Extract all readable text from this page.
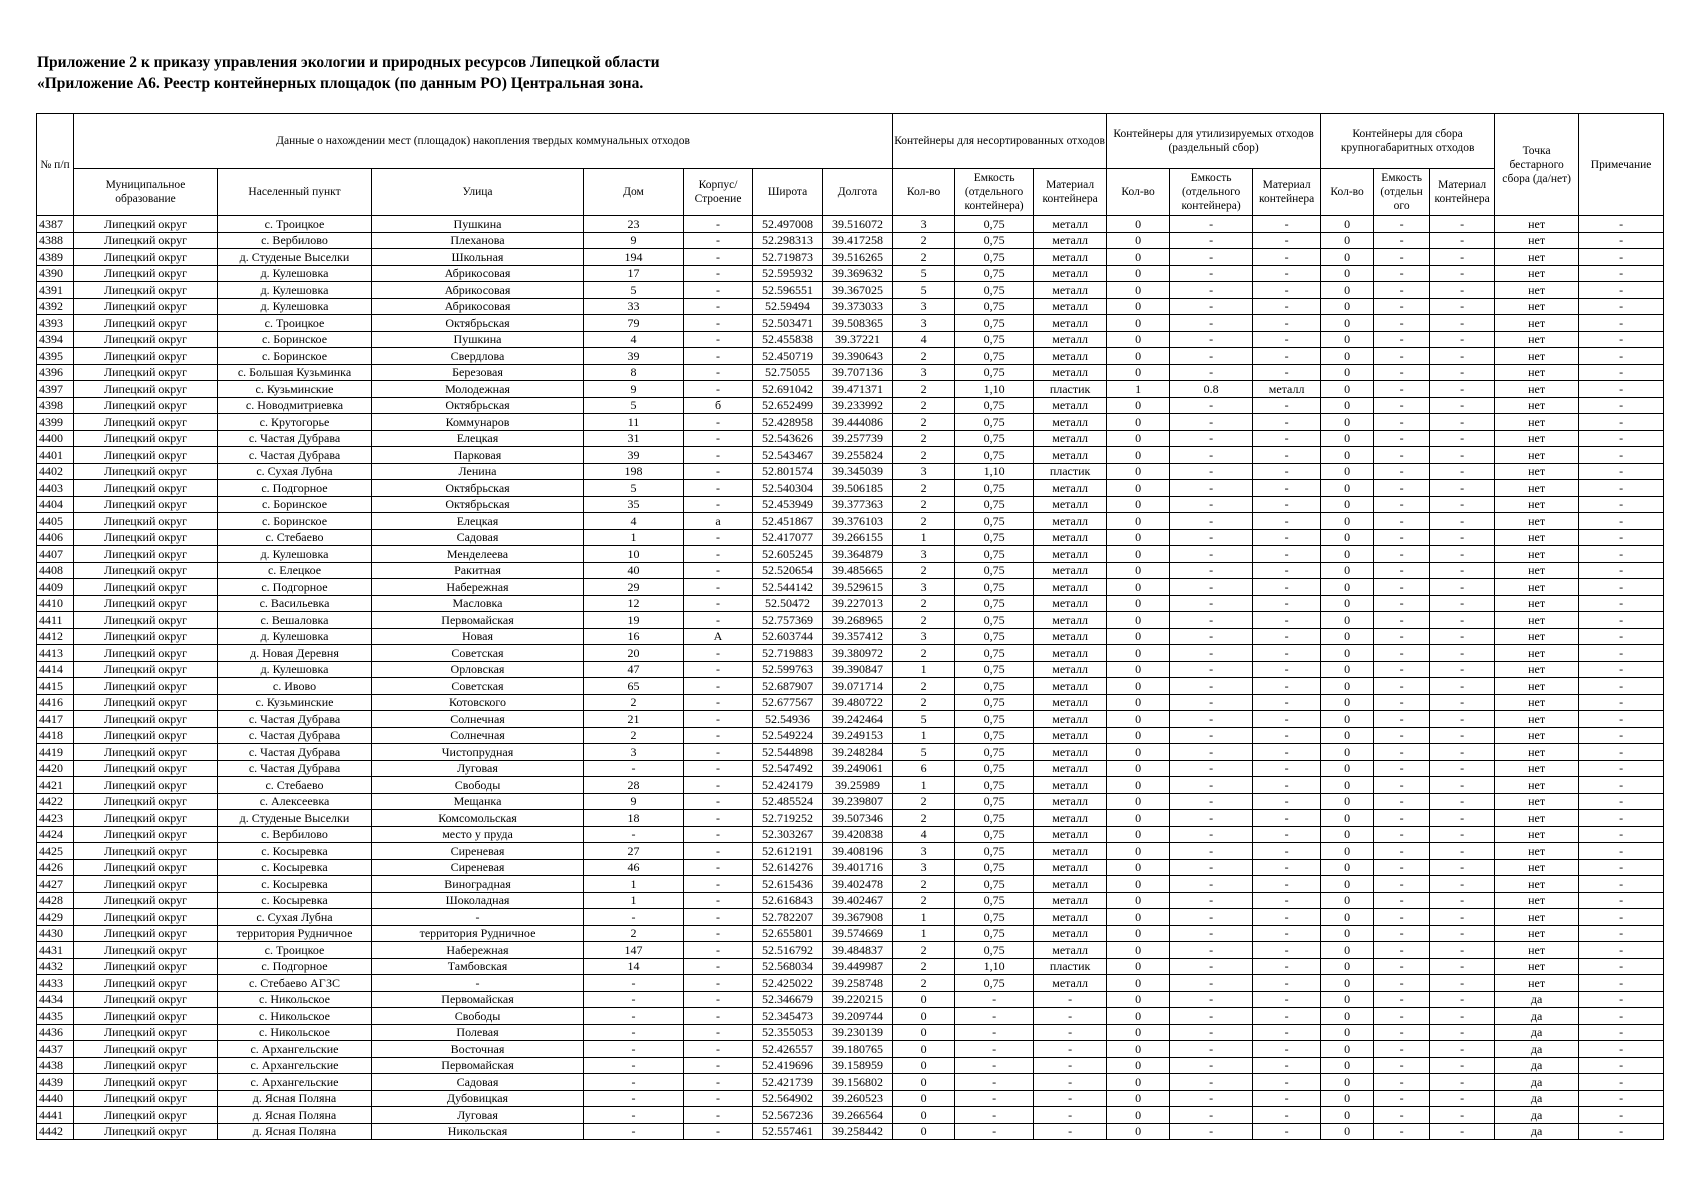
Приложение 2 к приказу управления экологии и природных ресурсов Липецкой области
«Приложение А6. Реестр контейнерных площадок (по данным РО) Центральная зона.
№ п/п	Данные о нахождении мест (площадок) накопления твердых коммунальных отходов							Контейнеры для несортированных отходов			Контейнеры для утилизируемых отходов (раздельный сбор)			Контейнеры для сбора крупногабаритных отходов			Точка бестарного сбора (да/нет)	Примечание
	Муниципальное образование	Населенный пункт	Улица	Дом	Корпус/ Строение	Широта	Долгота	Кол-во	Емкость (отдельного контейнера)	Материал контейнера	Кол-во	Емкость (отдельного контейнера)	Материал контейнера	Кол-во	Емкость (отдельн ого	Материал контейнера		
4387	Липецкий округ	с. Троицкое	Пушкина	23	-	52.497008	39.516072	3	0,75	металл	0	-	-	0	-	-	нет	-
4388	Липецкий округ	с. Вербилово	Плеханова	9	-	52.298313	39.417258	2	0,75	металл	0	-	-	0	-	-	нет	-
4389	Липецкий округ	д. Студеные Выселки	Школьная	194	-	52.719873	39.516265	2	0,75	металл	0	-	-	0	-	-	нет	-
4390	Липецкий округ	д. Кулешовка	Абрикосовая	17	-	52.595932	39.369632	5	0,75	металл	0	-	-	0	-	-	нет	-
4391	Липецкий округ	д. Кулешовка	Абрикосовая	5	-	52.596551	39.367025	5	0,75	металл	0	-	-	0	-	-	нет	-
4392	Липецкий округ	д. Кулешовка	Абрикосовая	33	-	52.59494	39.373033	3	0,75	металл	0	-	-	0	-	-	нет	-
4393	Липецкий округ	с. Троицкое	Октябрьская	79	-	52.503471	39.508365	3	0,75	металл	0	-	-	0	-	-	нет	-
4394	Липецкий округ	с. Боринское	Пушкина	4	-	52.455838	39.37221	4	0,75	металл	0	-	-	0	-	-	нет	-
4395	Липецкий округ	с. Боринское	Свердлова	39	-	52.450719	39.390643	2	0,75	металл	0	-	-	0	-	-	нет	-
4396	Липецкий округ	с. Большая Кузьминка	Березовая	8	-	52.75055	39.707136	3	0,75	металл	0	-	-	0	-	-	нет	-
4397	Липецкий округ	с. Кузьминские	Молодежная	9	-	52.691042	39.471371	2	1,10	пластик	1	0.8	металл	0	-	-	нет	-
4398	Липецкий округ	с. Новодмитриевка	Октябрьская	5	б	52.652499	39.233992	2	0,75	металл	0	-	-	0	-	-	нет	-
4399	Липецкий округ	с. Крутогорье	Коммунаров	11	-	52.428958	39.444086	2	0,75	металл	0	-	-	0	-	-	нет	-
4400	Липецкий округ	с. Частая Дубрава	Елецкая	31	-	52.543626	39.257739	2	0,75	металл	0	-	-	0	-	-	нет	-
4401	Липецкий округ	с. Частая Дубрава	Парковая	39	-	52.543467	39.255824	2	0,75	металл	0	-	-	0	-	-	нет	-
4402	Липецкий округ	с. Сухая Лубна	Ленина	198	-	52.801574	39.345039	3	1,10	пластик	0	-	-	0	-	-	нет	-
4403	Липецкий округ	с. Подгорное	Октябрьская	5	-	52.540304	39.506185	2	0,75	металл	0	-	-	0	-	-	нет	-
4404	Липецкий округ	с. Боринское	Октябрьская	35	-	52.453949	39.377363	2	0,75	металл	0	-	-	0	-	-	нет	-
4405	Липецкий округ	с. Боринское	Елецкая	4	а	52.451867	39.376103	2	0,75	металл	0	-	-	0	-	-	нет	-
4406	Липецкий округ	с. Стебаево	Садовая	1	-	52.417077	39.266155	1	0,75	металл	0	-	-	0	-	-	нет	-
4407	Липецкий округ	д. Кулешовка	Менделеева	10	-	52.605245	39.364879	3	0,75	металл	0	-	-	0	-	-	нет	-
4408	Липецкий округ	с. Елецкое	Ракитная	40	-	52.520654	39.485665	2	0,75	металл	0	-	-	0	-	-	нет	-
4409	Липецкий округ	с. Подгорное	Набережная	29	-	52.544142	39.529615	3	0,75	металл	0	-	-	0	-	-	нет	-
4410	Липецкий округ	с. Васильевка	Масловка	12	-	52.50472	39.227013	2	0,75	металл	0	-	-	0	-	-	нет	-
4411	Липецкий округ	с. Вешаловка	Первомайская	19	-	52.757369	39.268965	2	0,75	металл	0	-	-	0	-	-	нет	-
4412	Липецкий округ	д. Кулешовка	Новая	16	А	52.603744	39.357412	3	0,75	металл	0	-	-	0	-	-	нет	-
4413	Липецкий округ	д. Новая Деревня	Советская	20	-	52.719883	39.380972	2	0,75	металл	0	-	-	0	-	-	нет	-
4414	Липецкий округ	д. Кулешовка	Орловская	47	-	52.599763	39.390847	1	0,75	металл	0	-	-	0	-	-	нет	-
4415	Липецкий округ	с. Ивово	Советская	65	-	52.687907	39.071714	2	0,75	металл	0	-	-	0	-	-	нет	-
4416	Липецкий округ	с. Кузьминские	Котовского	2	-	52.677567	39.480722	2	0,75	металл	0	-	-	0	-	-	нет	-
4417	Липецкий округ	с. Частая Дубрава	Солнечная	21	-	52.54936	39.242464	5	0,75	металл	0	-	-	0	-	-	нет	-
4418	Липецкий округ	с. Частая Дубрава	Солнечная	2	-	52.549224	39.249153	1	0,75	металл	0	-	-	0	-	-	нет	-
4419	Липецкий округ	с. Частая Дубрава	Чистопрудная	3	-	52.544898	39.248284	5	0,75	металл	0	-	-	0	-	-	нет	-
4420	Липецкий округ	с. Частая Дубрава	Луговая	-	-	52.547492	39.249061	6	0,75	металл	0	-	-	0	-	-	нет	-
4421	Липецкий округ	с. Стебаево	Свободы	28	-	52.424179	39.25989	1	0,75	металл	0	-	-	0	-	-	нет	-
4422	Липецкий округ	с. Алексеевка	Мещанка	9	-	52.485524	39.239807	2	0,75	металл	0	-	-	0	-	-	нет	-
4423	Липецкий округ	д. Студеные Выселки	Комсомольская	18	-	52.719252	39.507346	2	0,75	металл	0	-	-	0	-	-	нет	-
4424	Липецкий округ	с. Вербилово	место у пруда	-	-	52.303267	39.420838	4	0,75	металл	0	-	-	0	-	-	нет	-
4425	Липецкий округ	с. Косыревка	Сиреневая	27	-	52.612191	39.408196	3	0,75	металл	0	-	-	0	-	-	нет	-
4426	Липецкий округ	с. Косыревка	Сиреневая	46	-	52.614276	39.401716	3	0,75	металл	0	-	-	0	-	-	нет	-
4427	Липецкий округ	с. Косыревка	Виноградная	1	-	52.615436	39.402478	2	0,75	металл	0	-	-	0	-	-	нет	-
4428	Липецкий округ	с. Косыревка	Шоколадная	1	-	52.616843	39.402467	2	0,75	металл	0	-	-	0	-	-	нет	-
4429	Липецкий округ	с. Сухая Лубна	-	-	-	52.782207	39.367908	1	0,75	металл	0	-	-	0	-	-	нет	-
4430	Липецкий округ	территория Рудничное	территория Рудничное	2	-	52.655801	39.574669	1	0,75	металл	0	-	-	0	-	-	нет	-
4431	Липецкий округ	с. Троицкое	Набережная	147	-	52.516792	39.484837	2	0,75	металл	0	-	-	0	-	-	нет	-
4432	Липецкий округ	с. Подгорное	Тамбовская	14	-	52.568034	39.449987	2	1,10	пластик	0	-	-	0	-	-	нет	-
4433	Липецкий округ	с. Стебаево АГЗС	-	-	-	52.425022	39.258748	2	0,75	металл	0	-	-	0	-	-	нет	-
4434	Липецкий округ	с. Никольское	Первомайская	-	-	52.346679	39.220215	0	-	-	0	-	-	0	-	-	да	-
4435	Липецкий округ	с. Никольское	Свободы	-	-	52.345473	39.209744	0	-	-	0	-	-	0	-	-	да	-
4436	Липецкий округ	с. Никольское	Полевая	-	-	52.355053	39.230139	0	-	-	0	-	-	0	-	-	да	-
4437	Липецкий округ	с. Архангельские	Восточная	-	-	52.426557	39.180765	0	-	-	0	-	-	0	-	-	да	-
4438	Липецкий округ	с. Архангельские	Первомайская	-	-	52.419696	39.158959	0	-	-	0	-	-	0	-	-	да	-
4439	Липецкий округ	с. Архангельские	Садовая	-	-	52.421739	39.156802	0	-	-	0	-	-	0	-	-	да	-
4440	Липецкий округ	д. Ясная Поляна	Дубовицкая	-	-	52.564902	39.260523	0	-	-	0	-	-	0	-	-	да	-
4441	Липецкий округ	д. Ясная Поляна	Луговая	-	-	52.567236	39.266564	0	-	-	0	-	-	0	-	-	да	-
4442	Липецкий округ	д. Ясная Поляна	Никольская	-	-	52.557461	39.258442	0	-	-	0	-	-	0	-	-	да	-
